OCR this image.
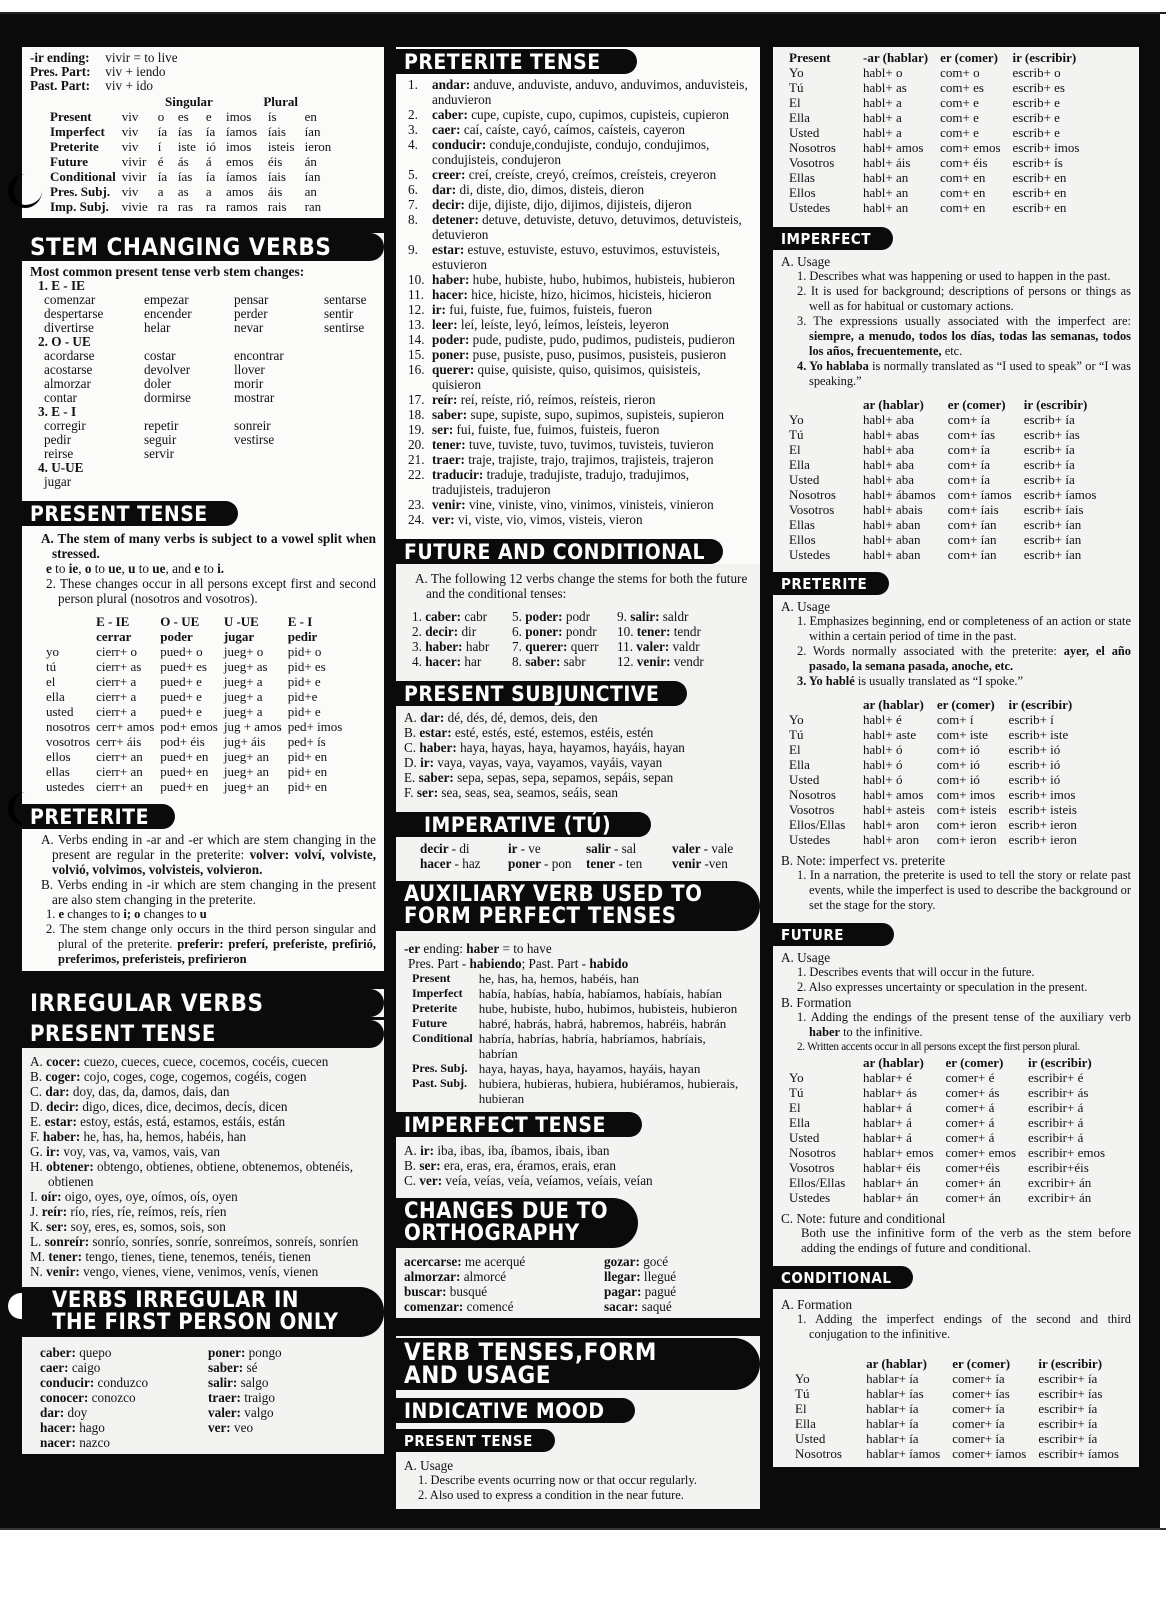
-ir ending: vivir = to live
Pres. Part: viv + iendo
Past. Part: viv + ido
		Singular			Plural		
Present	viv	o	es	e	imos	ís	en
Imperfect	viv	ía	ías	ía	íamos	íais	ían
Preterite	viv	í	iste	ió	imos	isteis	ieron
Future	vivir	é	ás	á	emos	éis	án
Conditional	vivir	ía	ías	ía	íamos	íais	ían
Pres. Subj.	viv	a	as	a	amos	áis	an
Imp. Subj.	vivie	ra	ras	ra	ramos	rais	ran
STEM CHANGING VERBS
Most common present tense verb stem changes:
1. E - IE
comenzar	empezar	pensar	sentarse
despertarse	encender	perder	sentir
divertirse	helar	nevar	sentirse
2. O - UE
acordarse	costar	encontrar
acostarse	devolver	llover
almorzar	doler	morir
contar	dormirse	mostrar
3. E - I
corregir	repetir	sonreir
pedir	seguir	vestirse
reirse	servir
4. U-UE
jugar
PRESENT TENSE
A. The stem of many verbs is subject to a vowel split when stressed.
e to ie, o to ue, u to ue, and e to i.
2. These changes occur in all persons except first and second person plural (nosotros and vosotros).
	E - IE	O - UE	U -UE	E - I
	cerrar	poder	jugar	pedir
yo	cierr+ o	pued+ o	jueg+ o	pid+ o
tú	cierr+ as	pued+ es	jueg+ as	pid+ es
el	cierr+ a	pued+ e	jueg+ a	pid+ e
ella	cierr+ a	pued+ e	jueg+ a	pid+e
usted	cierr+ a	pued+ e	jueg+ a	pid+ e
nosotros	cerr+ amos	pod+ emos	jug + amos	ped+ imos
vosotros	cerr+ áis	pod+ éis	jug+ áis	ped+ ís
ellos	cierr+ an	pued+ en	jueg+ an	pid+ en
ellas	cierr+ an	pued+ en	jueg+ an	pid+ en
ustedes	cierr+ an	pued+ en	jueg+ an	pid+ en
PRETERITE
A. Verbs ending in -ar and -er which are stem changing in the present are regular in the preterite: volver: volví, volviste, volvió, volvimos, volvisteis, volvieron.
B. Verbs ending in -ir which are stem changing in the present are also stem changing in the preterite.
1. e changes to i; o changes to u
2. The stem change only occurs in the third person singular and plural of the preterite. preferir: preferí, preferiste, prefirió, preferimos, preferisteis, prefirieron
IRREGULAR VERBS
PRESENT TENSE
A. cocer: cuezo, cueces, cuece, cocemos, cocéis, cuecen
B. coger: cojo, coges, coge, cogemos, cogéis, cogen
C. dar: doy, das, da, damos, dais, dan
D. decir: digo, dices, dice, decimos, decís, dicen
E. estar: estoy, estás, está, estamos, estáis, están
F. haber: he, has, ha, hemos, habéis, han
G. ir: voy, vas, va, vamos, vais, van
H. obtener: obtengo, obtienes, obtiene, obtenemos, obtenéis, obtienen
I. oír: oigo, oyes, oye, oímos, oís, oyen
J. reír: río, ríes, ríe, reímos, reís, ríen
K. ser: soy, eres, es, somos, sois, son
L. sonreír: sonrío, sonríes, sonríe, sonreímos, sonreís, sonríen
M. tener: tengo, tienes, tiene, tenemos, tenéis, tienen
N. venir: vengo, vienes, viene, venimos, venís, vienen
VERBS IRREGULAR IN
THE FIRST PERSON ONLY
caber: quepo
caer: caigo
conducir: conduzco
conocer: conozco
dar: doy
hacer: hago
nacer: nazco
poner: pongo
saber: sé
salir: salgo
traer: traigo
valer: valgo
ver: veo
PRETERITE TENSE
1. andar: anduve, anduviste, anduvo, anduvimos, anduvisteis, anduvieron
2. caber: cupe, cupiste, cupo, cupimos, cupisteis, cupieron
3. caer: caí, caíste, cayó, caímos, caísteis, cayeron
4. conducir: conduje,condujiste, condujo, condujimos, condujisteis, condujeron
5. creer: creí, creíste, creyó, creímos, creísteis, creyeron
6. dar: di, diste, dio, dimos, disteis, dieron
7. decir: dije, dijiste, dijo, dijimos, dijisteis, dijeron
8. detener: detuve, detuviste, detuvo, detuvimos, detuvisteis, detuvieron
9. estar: estuve, estuviste, estuvo, estuvimos, estuvisteis, estuvieron
10. haber: hube, hubiste, hubo, hubimos, hubisteis, hubieron
11. hacer: hice, hiciste, hizo, hicimos, hicisteis, hicieron
12. ir: fui, fuiste, fue, fuimos, fuisteis, fueron
13. leer: leí, leíste, leyó, leímos, leísteis, leyeron
14. poder: pude, pudiste, pudo, pudimos, pudisteis, pudieron
15. poner: puse, pusiste, puso, pusimos, pusisteis, pusieron
16. querer: quise, quisiste, quiso, quisimos, quisisteis, quisieron
17. reír: reí, reíste, rió, reímos, reísteis, rieron
18. saber: supe, supiste, supo, supimos, supisteis, supieron
19. ser: fui, fuiste, fue, fuimos, fuisteis, fueron
20. tener: tuve, tuviste, tuvo, tuvimos, tuvisteis, tuvieron
21. traer: traje, trajiste, trajo, trajimos, trajisteis, trajeron
22. traducir: traduje, tradujiste, tradujo, tradujimos, tradujisteis, tradujeron
23. venir: vine, viniste, vino, vinimos, vinisteis, vinieron
24. ver: vi, viste, vio, vimos, visteis, vieron
FUTURE AND CONDITIONAL
A. The following 12 verbs change the stems for both the future and the conditional tenses:
1. caber: cabr	5. poder: podr	9. salir: saldr
2. decir: dir	6. poner: pondr	10. tener: tendr
3. haber: habr	7. querer: querr	11. valer: valdr
4. hacer: har	8. saber: sabr	12. venir: vendr
PRESENT SUBJUNCTIVE
A. dar: dé, dés, dé, demos, deis, den
B. estar: esté, estés, esté, estemos, estéis, estén
C. haber: haya, hayas, haya, hayamos, hayáis, hayan
D. ir: vaya, vayas, vaya, vayamos, vayáis, vayan
E. saber: sepa, sepas, sepa, sepamos, sepáis, sepan
F. ser: sea, seas, sea, seamos, seáis, sean
IMPERATIVE (TÚ)
decir - di	ir - ve	salir - sal	valer - vale
hacer - haz	poner - pon	tener - ten	venir -ven
AUXILIARY VERB USED TO
FORM PERFECT TENSES
-er ending: haber = to have
Pres. Part - habiendo; Past. Part - habido
Present	he, has, ha, hemos, habéis, han
Imperfect	había, habías, había, habíamos, habíais, habían
Preterite	hube, hubiste, hubo, hubimos, hubisteis, hubieron
Future	habré, habrás, habrá, habremos, habréis, habrán
Conditional	habría, habrías, habría, habríamos, habríais, habrían
Pres. Subj.	haya, hayas, haya, hayamos, hayáis, hayan
Past. Subj.	hubiera, hubieras, hubiera, hubiéramos, hubierais, hubieran
IMPERFECT TENSE
A. ir: iba, ibas, iba, íbamos, ibais, iban
B. ser: era, eras, era, éramos, erais, eran
C. ver: veía, veías, veía, veíamos, veíais, veían
CHANGES DUE TO
ORTHOGRAPHY
acercarse: me acerqué
almorzar: almorcé
buscar: busqué
comenzar: comencé
gozar: gocé
llegar: llegué
pagar: pagué
sacar: saqué
VERB TENSES,FORM
AND USAGE
INDICATIVE MOOD
PRESENT TENSE
A. Usage
1. Describe events ocurring now or that occur regularly.
2. Also used to express a condition in the near future.
Present	-ar (hablar)	er (comer)	ir (escribir)
Yo	habl+ o	com+ o	escrib+ o
Tú	habl+ as	com+ es	escrib+ es
El	habl+ a	com+ e	escrib+ e
Ella	habl+ a	com+ e	escrib+ e
Usted	habl+ a	com+ e	escrib+ e
Nosotros	habl+ amos	com+ emos	escrib+ imos
Vosotros	habl+ áis	com+ éis	escrib+ ís
Ellas	habl+ an	com+ en	escrib+ en
Ellos	habl+ an	com+ en	escrib+ en
Ustedes	habl+ an	com+ en	escrib+ en
IMPERFECT
A. Usage
1. Describes what was happening or used to happen in the past.
2. It is used for background; descriptions of persons or things as well as for habitual or customary actions.
3. The expressions usually associated with the imperfect are: siempre, a menudo, todos los días, todas las semanas, todos los años, frecuentemente, etc.
4. Yo hablaba is normally translated as “I used to speak” or “I was speaking.”
	ar (hablar)	er (comer)	ir (escribir)
Yo	habl+ aba	com+ ía	escrib+ ía
Tú	habl+ abas	com+ ías	escrib+ ías
El	habl+ aba	com+ ía	escrib+ ía
Ella	habl+ aba	com+ ía	escrib+ ía
Usted	habl+ aba	com+ ía	escrib+ ía
Nosotros	habl+ ábamos	com+ íamos	escrib+ íamos
Vosotros	habl+ abais	com+ íais	escrib+ íais
Ellas	habl+ aban	com+ ían	escrib+ ían
Ellos	habl+ aban	com+ ían	escrib+ ían
Ustedes	habl+ aban	com+ ían	escrib+ ían
PRETERITE
A. Usage
1. Emphasizes beginning, end or completeness of an action or state within a certain period of time in the past.
2. Words normally associated with the preterite: ayer, el año pasado, la semana pasada, anoche, etc.
3. Yo hablé is usually translated as “I spoke.”
	ar (hablar)	er (comer)	ir (escribir)
Yo	habl+ é	com+ í	escrib+ í
Tú	habl+ aste	com+ iste	escrib+ iste
El	habl+ ó	com+ ió	escrib+ ió
Ella	habl+ ó	com+ ió	escrib+ ió
Usted	habl+ ó	com+ ió	escrib+ ió
Nosotros	habl+ amos	com+ imos	escrib+ imos
Vosotros	habl+ asteis	com+ isteis	escrib+ isteis
Ellos/Ellas	habl+ aron	com+ ieron	escrib+ ieron
Ustedes	habl+ aron	com+ ieron	escrib+ ieron
B. Note: imperfect vs. preterite
1. In a narration, the preterite is used to tell the story or relate past events, while the imperfect is used to describe the background or set the stage for the story.
FUTURE
A. Usage
1. Describes events that will occur in the future.
2. Also expresses uncertainty or speculation in the present.
B. Formation
1. Adding the endings of the present tense of the auxiliary verb haber to the infinitive.
2. Written accents occur in all persons except the first person plural.
	ar (hablar)	er (comer)	ir (escribir)
Yo	hablar+ é	comer+ é	escribir+ é
Tú	hablar+ ás	comer+ ás	escribir+ ás
El	hablar+ á	comer+ á	escribir+ á
Ella	hablar+ á	comer+ á	escribir+ á
Usted	hablar+ á	comer+ á	escribir+ á
Nosotros	hablar+ emos	comer+ emos	escribir+ emos
Vosotros	hablar+ éis	comer+éis	escribir+éis
Ellos/Ellas	hablar+ án	comer+ án	excribir+ án
Ustedes	hablar+ án	comer+ án	excribir+ án
C. Note: future and conditional
Both use the infinitive form of the verb as the stem before adding the endings of future and conditional.
CONDITIONAL
A. Formation
1. Adding the imperfect endings of the second and third conjugation to the infinitive.
	ar (hablar)	er (comer)	ir (escribir)
Yo	hablar+ ía	comer+ ía	escribir+ ía
Tú	hablar+ ías	comer+ ías	escribir+ ías
El	hablar+ ía	comer+ ía	escribir+ ía
Ella	hablar+ ía	comer+ ía	escribir+ ía
Usted	hablar+ ía	comer+ ía	escribir+ ía
Nosotros	hablar+ íamos	comer+ íamos	escribir+ íamos
